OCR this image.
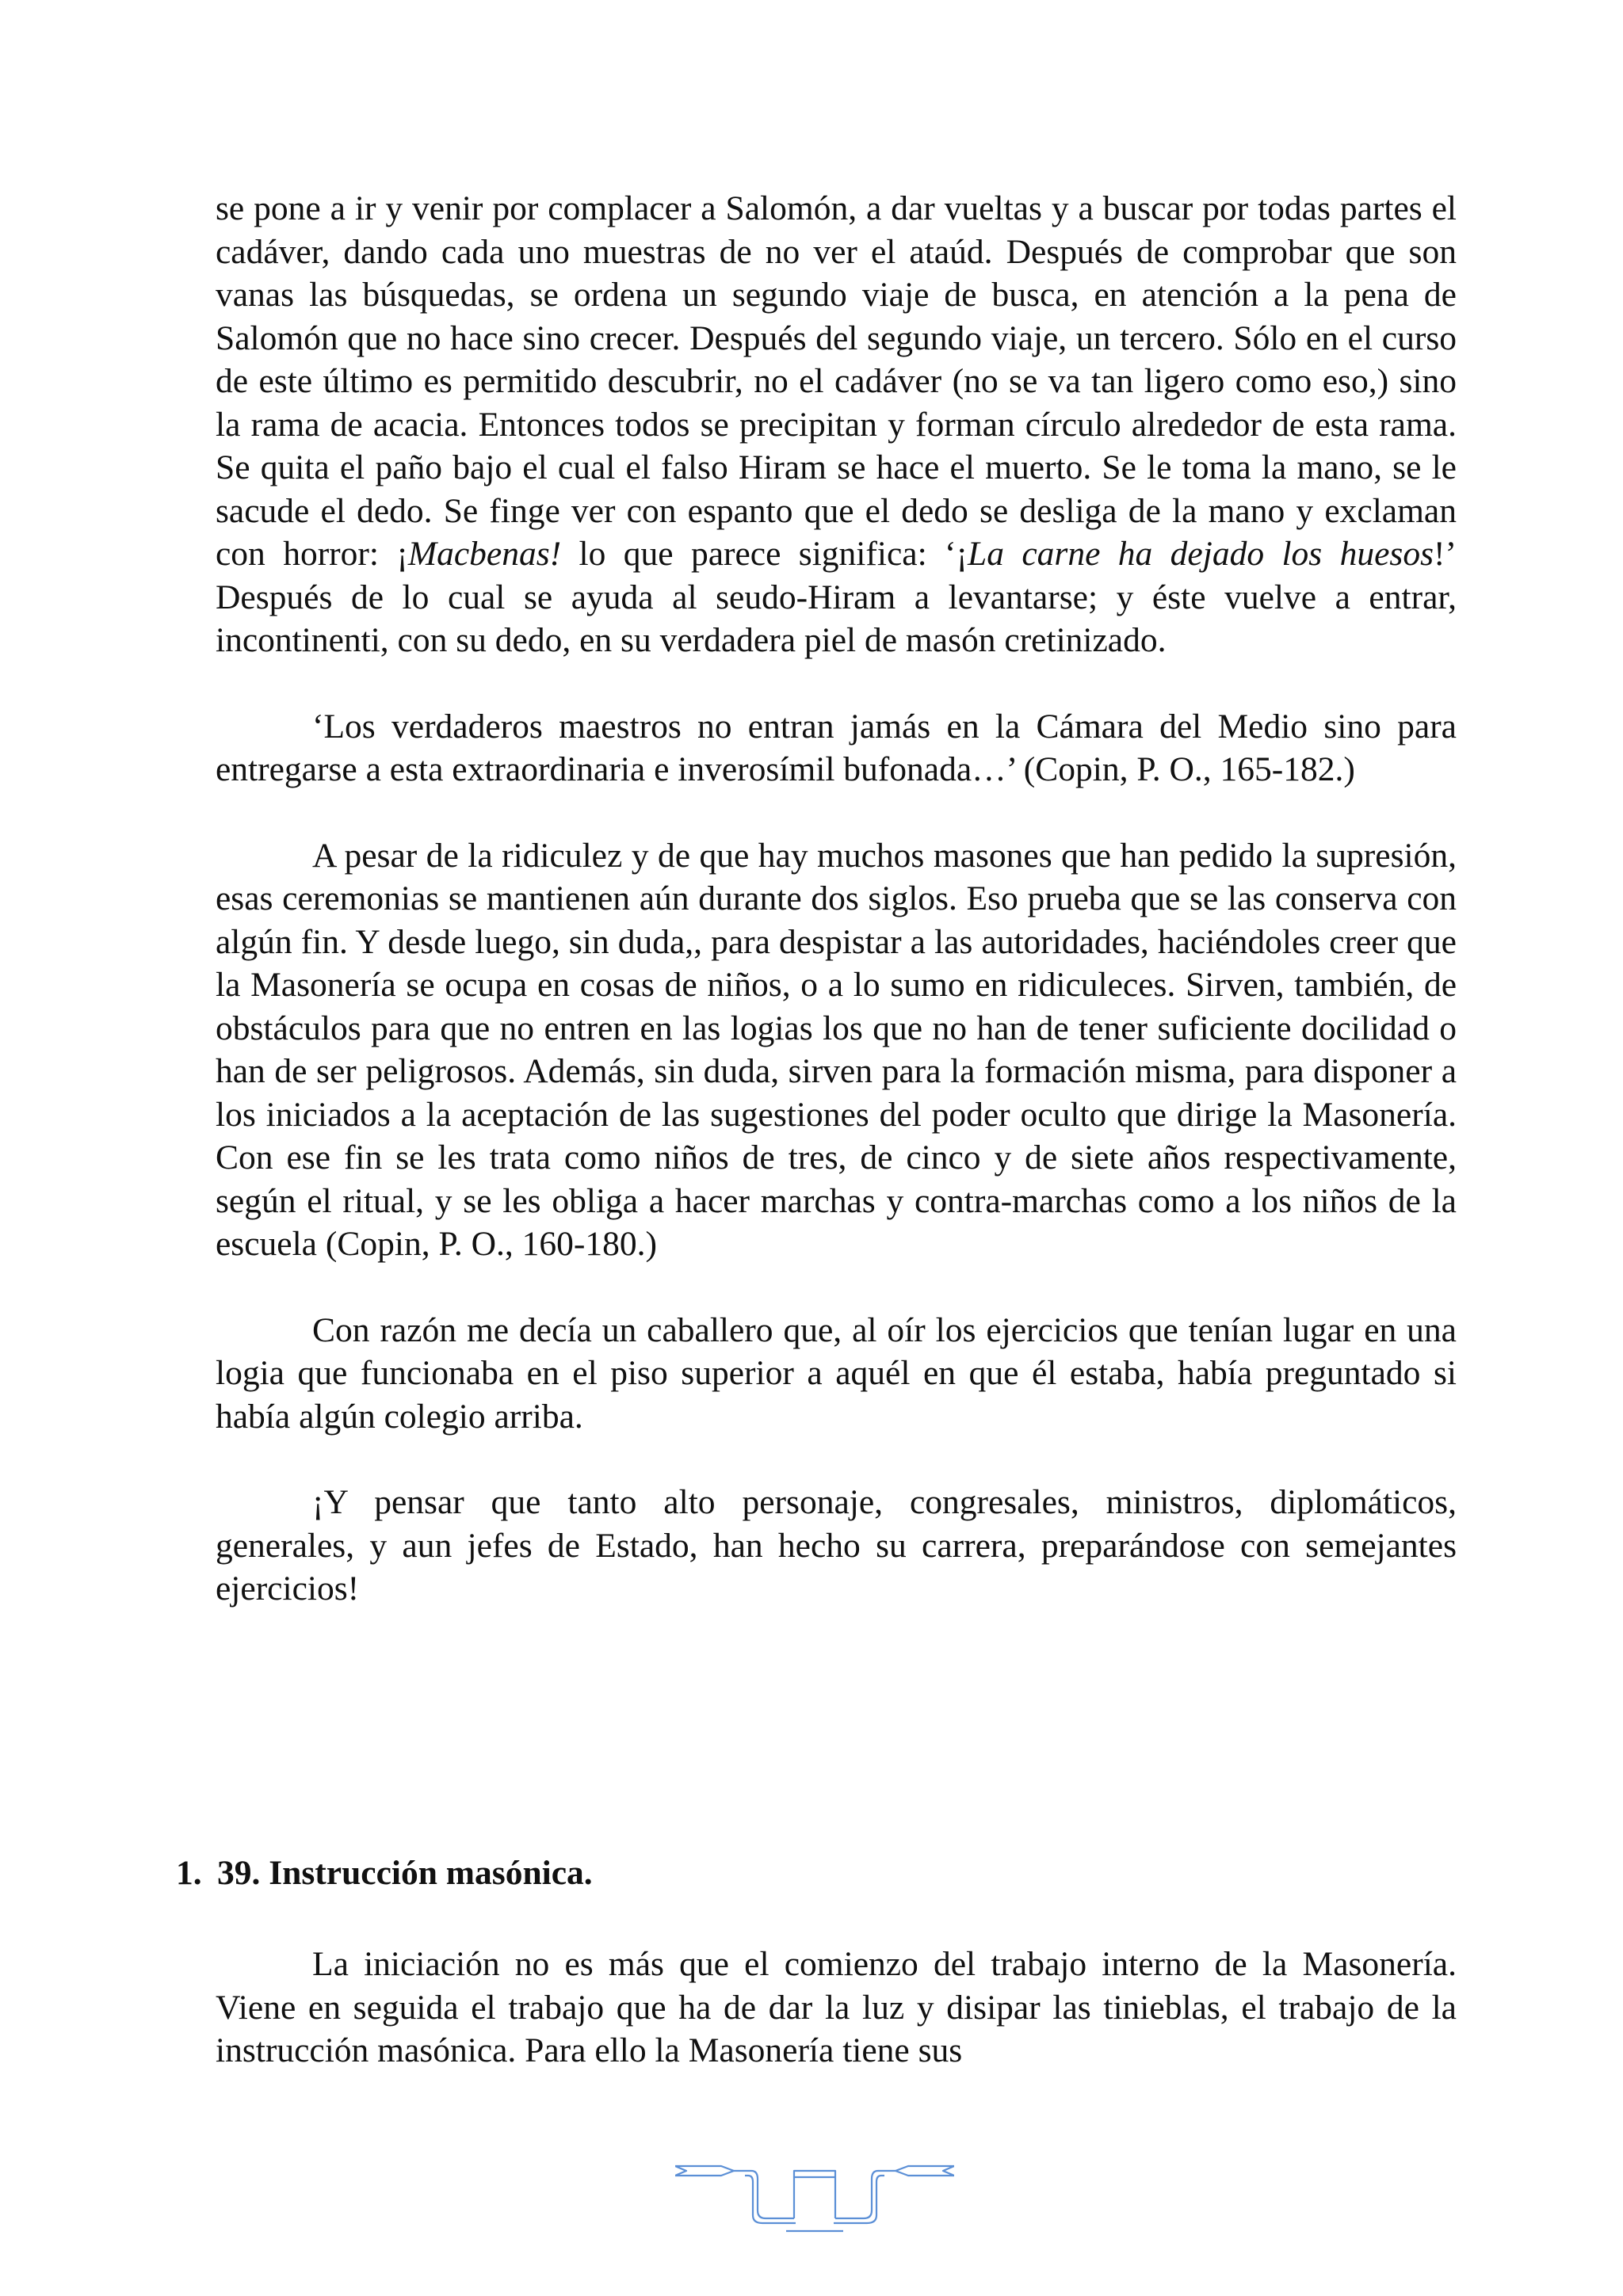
se pone a ir y venir por complacer a Salomón, a dar vueltas y a buscar por todas partes el cadáver, dando cada uno muestras de no ver el ataúd. Después de comprobar que son vanas las búsquedas, se ordena un segundo viaje de busca, en atención a la pena de Salomón que no hace sino crecer. Después del segundo viaje, un tercero. Sólo en el curso de este último es permitido descubrir, no el cadáver (no se va tan ligero como eso,) sino la rama de acacia. Entonces todos se precipitan y forman círculo alrededor de esta rama. Se quita el paño bajo el cual el falso Hiram se hace el muerto. Se le toma la mano, se le sacude el dedo. Se finge ver con espanto que el dedo se desliga de la mano y exclaman con horror: ¡Macbenas! lo que parece significa: ‘¡La carne ha dejado los huesos!’ Después de lo cual se ayuda al seudo-Hiram a levantarse; y éste vuelve a entrar, incontinenti, con su dedo, en su verdadera piel de masón cretinizado.

‘Los verdaderos maestros no entran jamás en la Cámara del Medio sino para entregarse a esta extraordinaria e inverosímil bufonada…’ (Copin, P. O., 165-182.)

A pesar de la ridiculez y de que hay muchos masones que han pedido la supresión, esas ceremonias se mantienen aún durante dos siglos. Eso prueba que se las conserva con algún fin. Y desde luego, sin duda,, para despistar a las autoridades, haciéndoles creer que la Masonería se ocupa en cosas de niños, o a lo sumo en ridiculeces. Sirven, también, de obstáculos para que no entren en las logias los que no han de tener suficiente docilidad o han de ser peligrosos. Además, sin duda, sirven para la formación misma, para disponer a los iniciados a la aceptación de las sugestiones del poder oculto que dirige la Masonería. Con ese fin se les trata como niños de tres, de cinco y de siete años respectivamente, según el ritual, y se les obliga a hacer marchas y contra-marchas como a los niños de la escuela (Copin, P. O., 160-180.)

Con razón me decía un caballero que, al oír los ejercicios que tenían lugar en una logia que funcionaba en el piso superior a aquél en que él estaba, había preguntado si había algún colegio arriba.

¡Y pensar que tanto alto personaje, congresales, ministros, diplomáticos, generales, y aun jefes de Estado, han hecho su carrera, preparándose con semejantes ejercicios!

1. 39. Instrucción masónica.

La iniciación no es más que el comienzo del trabajo interno de la Masonería. Viene en seguida el trabajo que ha de dar la luz y disipar las tinieblas, el trabajo de la instrucción masónica. Para ello la Masonería tiene sus
